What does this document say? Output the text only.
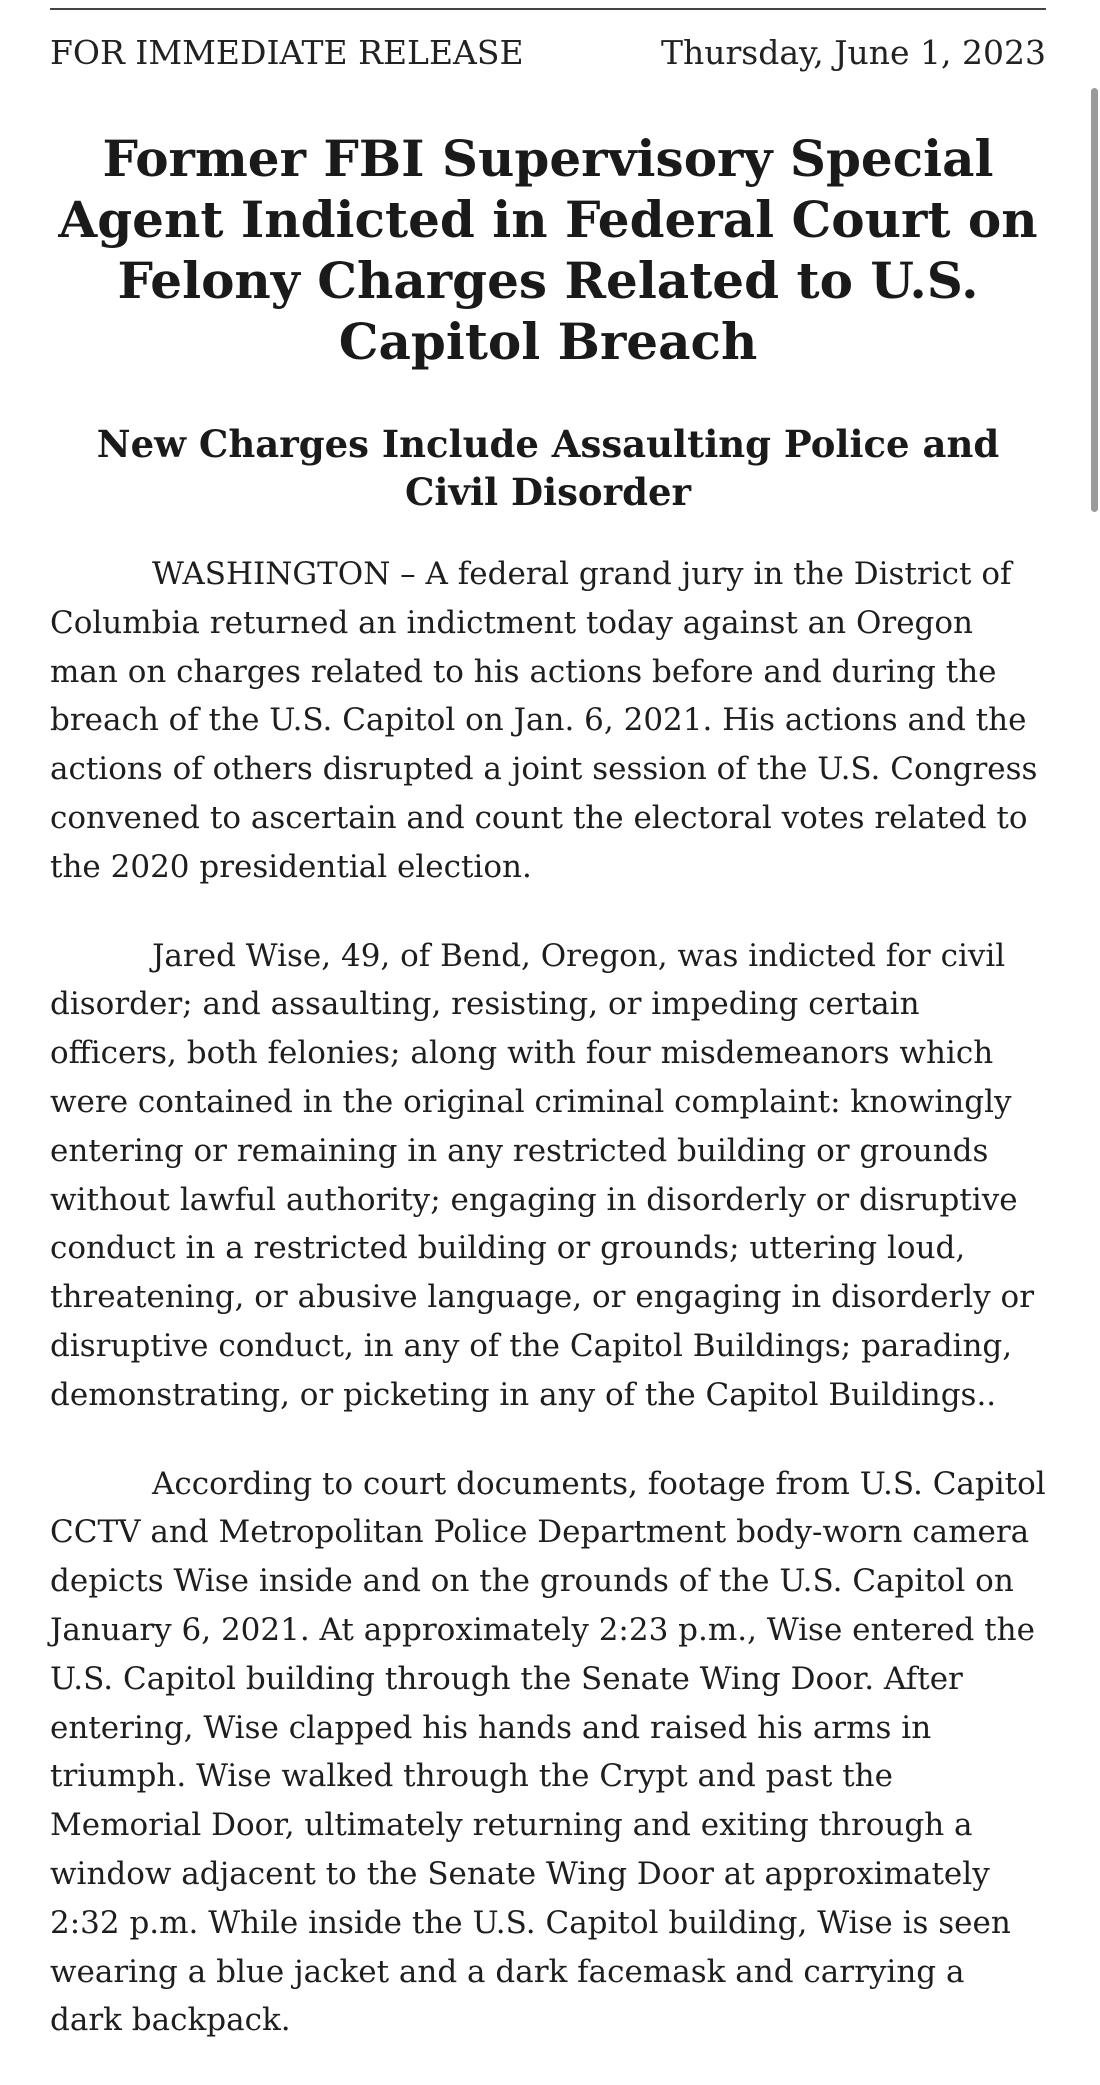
FOR IMMEDIATE RELEASE	Thursday, June 1, 2023
Former FBI Supervisory Special Agent Indicted in Federal Court on Felony Charges Related to U.S. Capitol Breach
New Charges Include Assaulting Police and Civil Disorder

WASHINGTON – A federal grand jury in the District of Columbia returned an indictment today against an Oregon man on charges related to his actions before and during the breach of the U.S. Capitol on Jan. 6, 2021. His actions and the actions of others disrupted a joint session of the U.S. Congress convened to ascertain and count the electoral votes related to the 2020 presidential election.

Jared Wise, 49, of Bend, Oregon, was indicted for civil disorder; and assaulting, resisting, or impeding certain officers, both felonies; along with four misdemeanors which were contained in the original criminal complaint: knowingly entering or remaining in any restricted building or grounds without lawful authority; engaging in disorderly or disruptive conduct in a restricted building or grounds; uttering loud, threatening, or abusive language, or engaging in disorderly or disruptive conduct, in any of the Capitol Buildings; parading, demonstrating, or picketing in any of the Capitol Buildings..

According to court documents, footage from U.S. Capitol CCTV and Metropolitan Police Department body-worn camera depicts Wise inside and on the grounds of the U.S. Capitol on January 6, 2021. At approximately 2:23 p.m., Wise entered the U.S. Capitol building through the Senate Wing Door. After entering, Wise clapped his hands and raised his arms in triumph. Wise walked through the Crypt and past the Memorial Door, ultimately returning and exiting through a window adjacent to the Senate Wing Door at approximately 2:32 p.m. While inside the U.S. Capitol building, Wise is seen wearing a blue jacket and a dark facemask and carrying a dark backpack.
